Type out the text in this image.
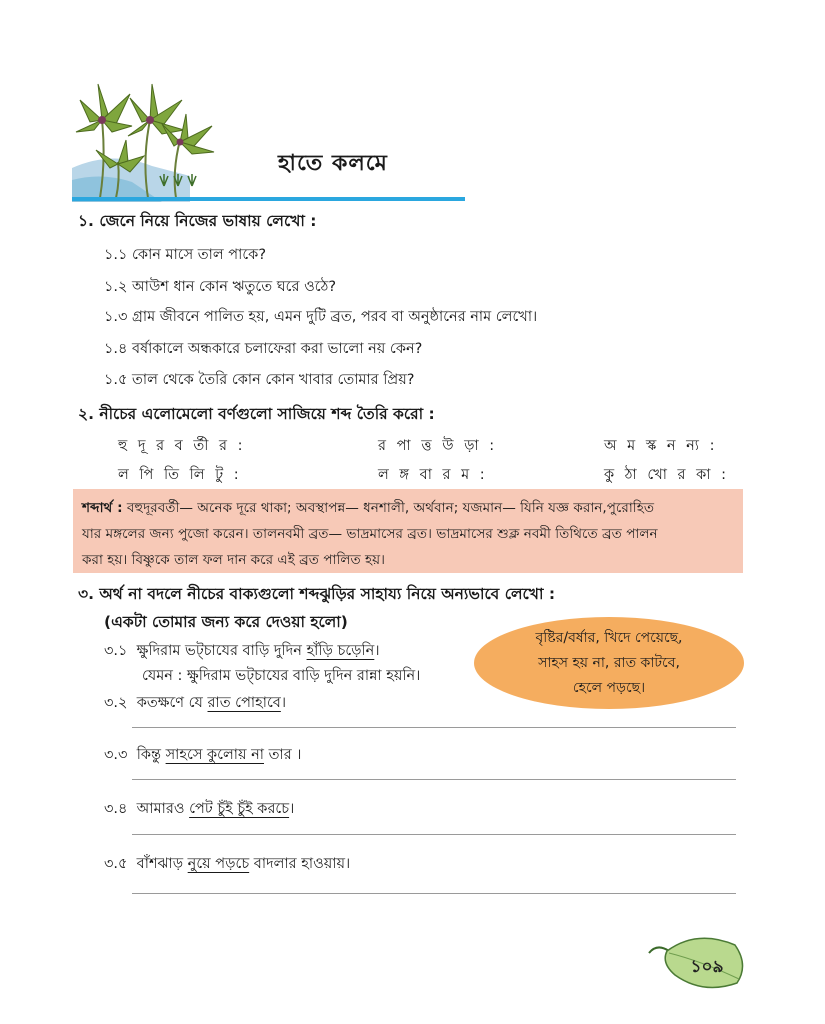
হাতে কলমে
১. জেনে নিয়ে নিজের ভাষায় লেখো :
১.১ কোন মাসে তাল পাকে?
১.২ আউশ ধান কোন ঋতুতে ঘরে ওঠে?
১.৩ গ্রাম জীবনে পালিত হয়, এমন দুটি ব্রত, পরব বা অনুষ্ঠানের নাম লেখো।
১.৪ বর্ষাকালে অন্ধকারে চলাফেরা করা ভালো নয় কেন?
১.৫ তাল থেকে তৈরি কোন কোন খাবার তোমার প্রিয়?
২. নীচের এলোমেলো বর্ণগুলো সাজিয়ে শব্দ তৈরি করো :
হু দূ র ব র্তী র :	র পা ত্ত উ ড়া :	অ ম স্ক ন ন্য :
ল পি তি লি টু :	ল ঙ্গ বা র ম :	কু ঠা খো র কা :
শব্দার্থ : বহুদূরবর্তী— অনেক দূরে থাকা; অবস্থাপন্ন— ধনশালী, অর্থবান; যজমান— যিনি যজ্ঞ করান,পুরোহিত
যার মঙ্গলের জন্য পুজো করেন। তালনবমী ব্রত— ভাদ্রমাসের ব্রত। ভাদ্রমাসের শুক্ল নবমী তিথিতে ব্রত পালন
করা হয়। বিষ্ণুকে তাল ফল দান করে এই ব্রত পালিত হয়।
৩. অর্থ না বদলে নীচের বাক্যগুলো শব্দঝুড়ির সাহায্য নিয়ে অন্যভাবে লেখো :
(একটা তোমার জন্য করে দেওয়া হলো)
৩.১ ক্ষুদিরাম ভট্‌চাযের বাড়ি দুদিন হাঁড়ি চড়েনি।
যেমন : ক্ষুদিরাম ভট্‌চাযের বাড়ি দুদিন রান্না হয়নি।
৩.২ কতক্ষণে যে রাত পোহাবে।
৩.৩ কিন্তু সাহসে কুলোয় না তার ।
৩.৪ আমারও পেট চুঁই চুঁই করচে।
৩.৫ বাঁশঝাড় নুয়ে পড়চে বাদলার হাওয়ায়।
বৃষ্টির/বর্ষার, খিদে পেয়েছে,
সাহস হয় না, রাত কাটবে,
হেলে পড়ছে।
১০৯
